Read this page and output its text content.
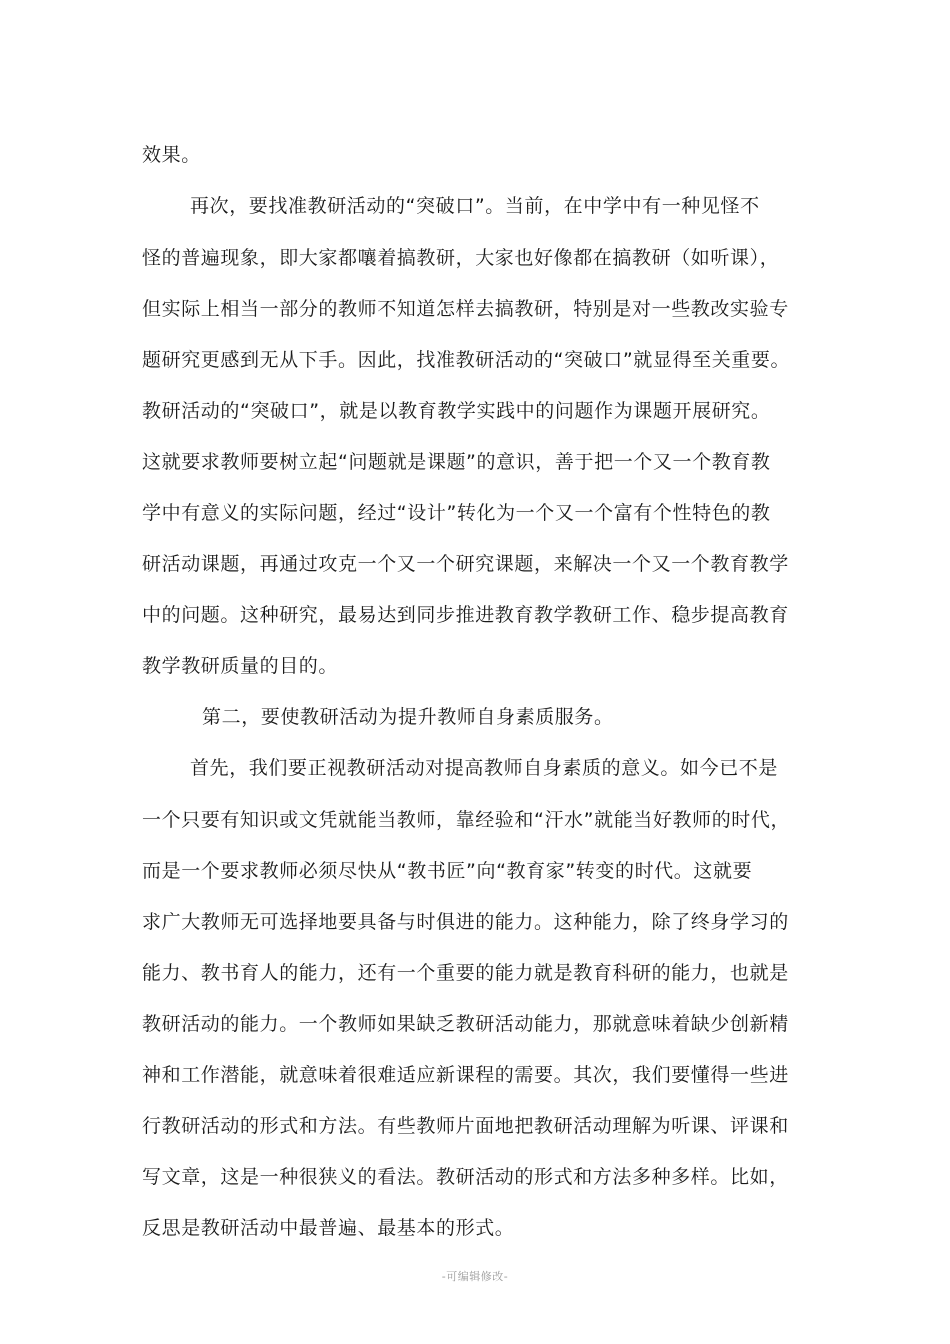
效果。
再次，要找准教研活动的“突破口”。当前，在中学中有一种见怪不
怪的普遍现象，即大家都嚷着搞教研，大家也好像都在搞教研（如听课），
但实际上相当一部分的教师不知道怎样去搞教研，特别是对一些教改实验专
题研究更感到无从下手。因此，找准教研活动的“突破口”就显得至关重要。
教研活动的“突破口”，就是以教育教学实践中的问题作为课题开展研究。
这就要求教师要树立起“问题就是课题”的意识，善于把一个又一个教育教
学中有意义的实际问题，经过“设计”转化为一个又一个富有个性特色的教
研活动课题，再通过攻克一个又一个研究课题，来解决一个又一个教育教学
中的问题。这种研究，最易达到同步推进教育教学教研工作、稳步提高教育
教学教研质量的目的。
第二，要使教研活动为提升教师自身素质服务。
首先，我们要正视教研活动对提高教师自身素质的意义。如今已不是
一个只要有知识或文凭就能当教师，靠经验和“汗水”就能当好教师的时代，
而是一个要求教师必须尽快从“教书匠”向“教育家”转变的时代。这就要
求广大教师无可选择地要具备与时俱进的能力。这种能力，除了终身学习的
能力、教书育人的能力，还有一个重要的能力就是教育科研的能力，也就是
教研活动的能力。一个教师如果缺乏教研活动能力，那就意味着缺少创新精
神和工作潜能，就意味着很难适应新课程的需要。其次，我们要懂得一些进
行教研活动的形式和方法。有些教师片面地把教研活动理解为听课、评课和
写文章，这是一种很狭义的看法。教研活动的形式和方法多种多样。比如，
反思是教研活动中最普遍、最基本的形式。
-可编辑修改-
